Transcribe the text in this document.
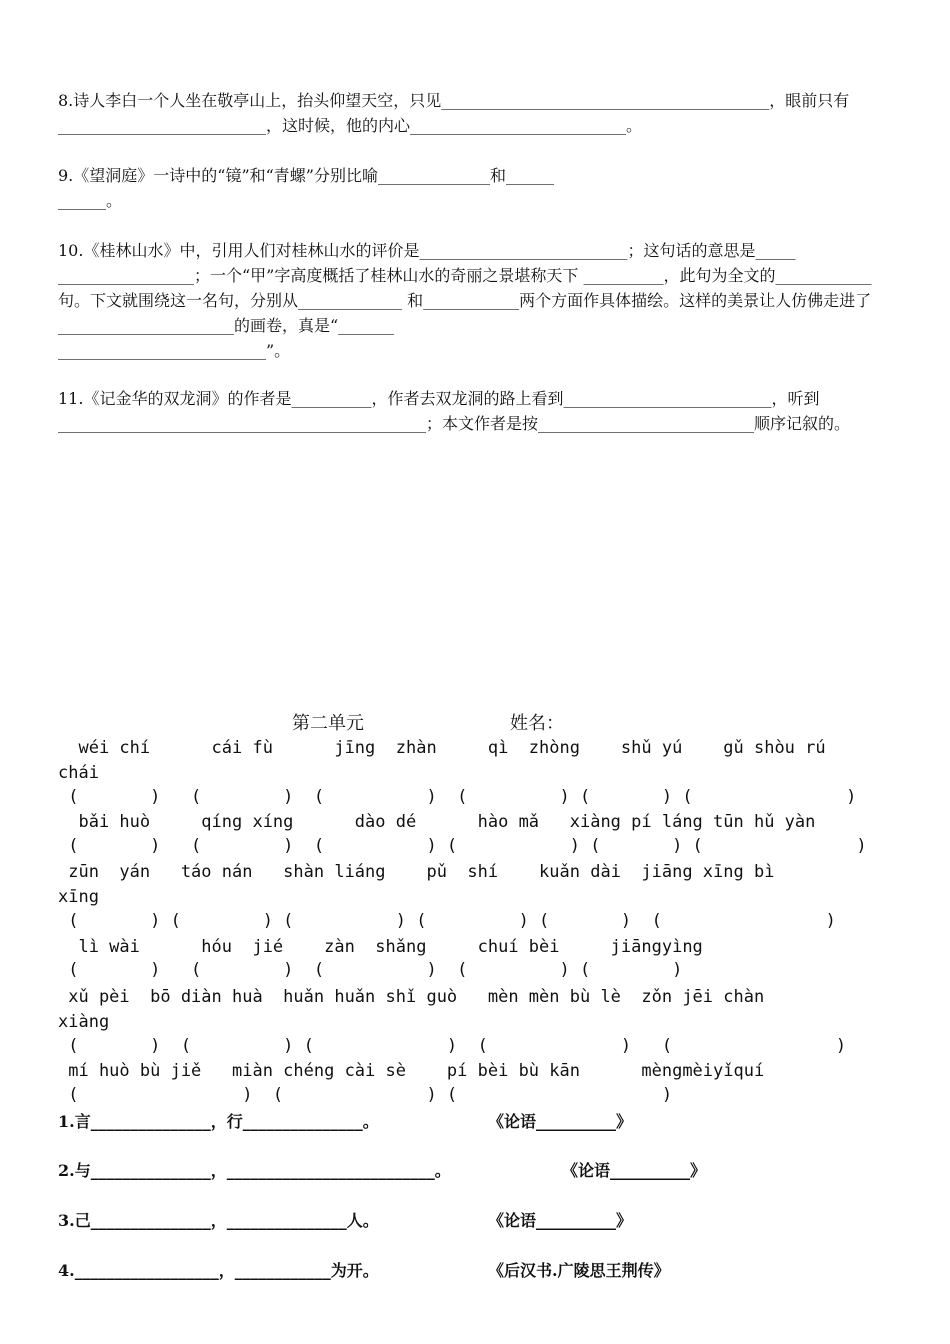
8.诗人李白一个人坐在敬亭山上，抬头仰望天空，只见_________________________________________，眼前只有__________________________，这时候，他的内心___________________________。
9.《望洞庭》一诗中的“镜”和“青螺”分别比喻______________和______
______。
10.《桂林山水》中，引用人们对桂林山水的评价是__________________________；这句话的意思是_____
_________________；一个“甲”字高度概括了桂林山水的奇丽之景堪称天下 __________，此句为全文的____________句。下文就围绕这一名句，分别从_____________ 和____________两个方面作具体描绘。这样的美景让人仿佛走进了______________________的画卷，真是“_______
__________________________”。
11.《记金华的双龙洞》的作者是__________，作者去双龙洞的路上看到__________________________，听到______________________________________________；本文作者是按___________________________顺序记叙的。
第二单元	姓名：
wéi chí      cái fù      jīng  zhàn     qì  zhòng    shǔ yú    gǔ shòu rú
chái
(       )   (        )  (          )  (         ) (       ) (               )
bǎi huò     qíng xíng      dào dé      hào mǎ   xiàng pí láng tūn hǔ yàn
(       )   (        )  (          ) (           ) (       ) (               )
zūn  yán   táo nán   shàn liáng    pǔ  shí    kuǎn dài  jiāng xīng bì
xīng
(       ) (        ) (          ) (         ) (       )  (                )
lì wài      hóu  jié    zàn  shǎng     chuí bèi     jiāngyìng
(       )   (        )  (          )  (         ) (        )
xǔ pèi  bō diàn huà  huǎn huǎn shǐ guò   mèn mèn bù lè  zǒn jēi chàn
xiàng
(       )  (         ) (             )  (             )   (                )
mí huò bù jiě   miàn chéng cài sè    pí bèi bù kān      mèngmèiyǐquí
(                )  (              ) (                    )
1.言_______________，行_______________。	《论语__________》
2.与_______________，__________________________。	《论语__________》
3.己_______________，_______________人。	《论语__________》
4.__________________，____________为开。	《后汉书.广陵思王荆传》
